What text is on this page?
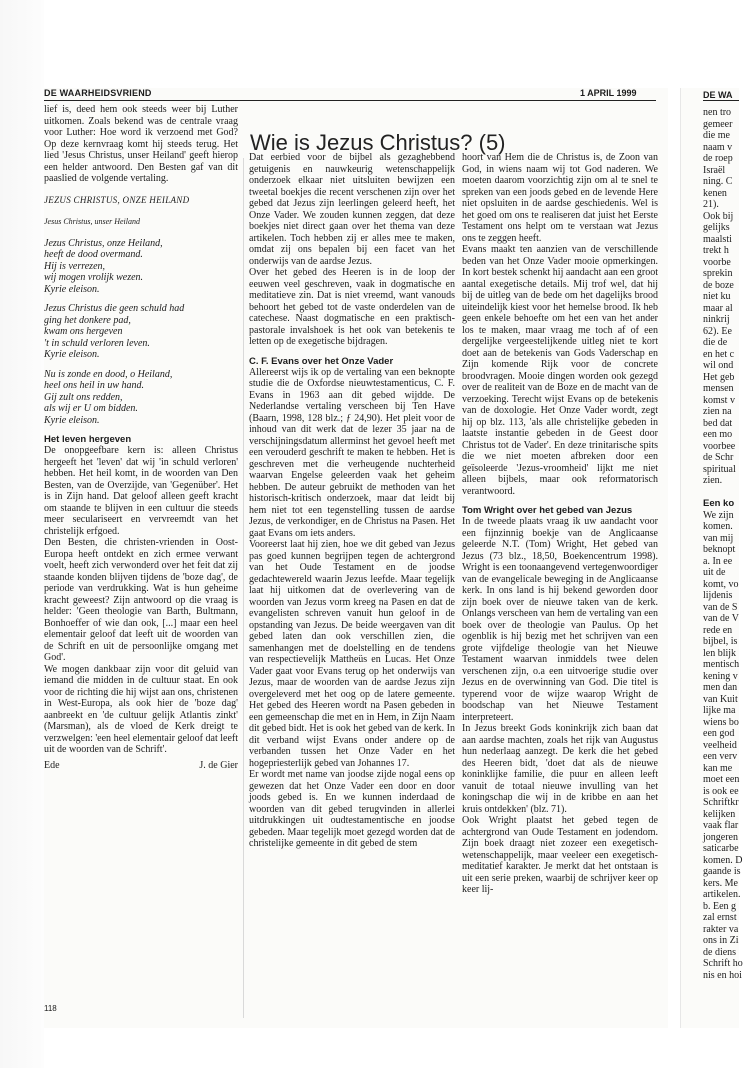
DE WAARHEIDSVRIEND	1 APRIL 1999

lief is, deed hem ook steeds weer bij Luther uitkomen. Zoals bekend was de centrale vraag voor Luther: Hoe word ik verzoend met God? Op deze kernvraag komt hij steeds terug. Het lied 'Jesus Christus, unser Heiland' geeft hierop een helder antwoord. Den Besten gaf van dit paaslied de volgende vertaling.

JEZUS CHRISTUS, ONZE HEILAND
Jesus Christus, unser Heiland
Jezus Christus, onze Heiland,
heeft de dood overmand.
Hij is verrezen,
wij mogen vrolijk wezen.
Kyrie eleison.
Jezus Christus die geen schuld had
ging het donkere pad,
kwam ons hergeven
't in schuld verloren leven.
Kyrie eleison.
Nu is zonde en dood, o Heiland,
heel ons heil in uw hand.
Gij zult ons redden,
als wij er U om bidden.
Kyrie eleison.
Het leven hergeven

De onopgeefbare kern is: alleen Christus hergeeft het 'leven' dat wij 'in schuld verloren' hebben. Het heil komt, in de woorden van Den Besten, van de Overzijde, van 'Gegenüber'. Het is in Zijn hand. Dat geloof alleen geeft kracht om staande te blijven in een cultuur die steeds meer seculariseert en vervreemdt van het christelijk erfgoed.

Den Besten, die christen-vrienden in Oost-Europa heeft ontdekt en zich ermee verwant voelt, heeft zich verwonderd over het feit dat zij staande konden blijven tijdens de 'boze dag', de periode van verdrukking. Wat is hun geheime kracht geweest? Zijn antwoord op die vraag is helder: 'Geen theologie van Barth, Bultmann, Bonhoeffer of wie dan ook, [...] maar een heel elementair geloof dat leeft uit de woorden van de Schrift en uit de persoonlijke omgang met God'.

We mogen dankbaar zijn voor dit geluid van iemand die midden in de cultuur staat. En ook voor de richting die hij wijst aan ons, christenen in West-Europa, als ook hier de 'boze dag' aanbreekt en 'de cultuur gelijk Atlantis zinkt' (Marsman), als de vloed de Kerk dreigt te verzwelgen: 'een heel elementair geloof dat leeft uit de woorden van de Schrift'.

Ede	J. de Gier
Wie is Jezus Christus? (5)

Dat eerbied voor de bijbel als gezaghebbend getuigenis en nauwkeurig wetenschappelijk onderzoek elkaar niet uitsluiten bewijzen een tweetal boekjes die recent verschenen zijn over het gebed dat Jezus zijn leerlingen geleerd heeft, het Onze Vader. We zouden kunnen zeggen, dat deze boekjes niet direct gaan over het thema van deze artikelen. Toch hebben zij er alles mee te maken, omdat zij ons bepalen bij een facet van het onderwijs van de aardse Jezus.

Over het gebed des Heeren is in de loop der eeuwen veel geschreven, vaak in dogmatische en meditatieve zin. Dat is niet vreemd, want vanouds behoort het gebed tot de vaste onderdelen van de catechese. Naast dogmatische en een praktisch-pastorale invalshoek is het ook van betekenis te letten op de exegetische bijdragen.

C. F. Evans over het Onze Vader

Allereerst wijs ik op de vertaling van een beknopte studie die de Oxfordse nieuwtestamenticus, C. F. Evans in 1963 aan dit gebed wijdde. De Nederlandse vertaling verscheen bij Ten Have (Baarn, 1998, 128 blz.; ƒ 24,90). Het pleit voor de inhoud van dit werk dat de lezer 35 jaar na de verschijningsdatum allerminst het gevoel heeft met een verouderd geschrift te maken te hebben. Het is geschreven met die verheugende nuchterheid waarvan Engelse geleerden vaak het geheim hebben. De auteur gebruikt de methoden van het historisch-kritisch onderzoek, maar dat leidt bij hem niet tot een tegenstelling tussen de aardse Jezus, de verkondiger, en de Christus na Pasen. Het gaat Evans om iets anders.

Vooreerst laat hij zien, hoe we dit gebed van Jezus pas goed kunnen begrijpen tegen de achtergrond van het Oude Testament en de joodse gedachtewereld waarin Jezus leefde. Maar tegelijk laat hij uitkomen dat de overlevering van de woorden van Jezus vorm kreeg na Pasen en dat de evangelisten schreven vanuit hun geloof in de opstanding van Jezus. De beide weergaven van dit gebed laten dan ook verschillen zien, die samenhangen met de doelstelling en de tendens van respectievelijk Mattheüs en Lucas. Het Onze Vader gaat voor Evans terug op het onderwijs van Jezus, maar de woorden van de aardse Jezus zijn overgeleverd met het oog op de latere gemeente. Het gebed des Heeren wordt na Pasen gebeden in een gemeenschap die met en in Hem, in Zijn Naam dit gebed bidt. Het is ook het gebed van de kerk. In dit verband wijst Evans onder andere op de verbanden tussen het Onze Vader en het hogepriesterlijk gebed van Johannes 17.

Er wordt met name van joodse zijde nogal eens op gewezen dat het Onze Vader een door en door joods gebed is. En we kunnen inderdaad de woorden van dit gebed terugvinden in allerlei uitdrukkingen uit oudtestamentische en joodse gebeden. Maar tegelijk moet gezegd worden dat de christelijke gemeente in dit gebed de stem

hoort van Hem die de Christus is, de Zoon van God, in wiens naam wij tot God naderen. We moeten daarom voorzichtig zijn om al te snel te spreken van een joods gebed en de levende Here niet opsluiten in de aardse geschiedenis. Wel is het goed om ons te realiseren dat juist het Eerste Testament ons helpt om te verstaan wat Jezus ons te zeggen heeft.

Evans maakt ten aanzien van de verschillende beden van het Onze Vader mooie opmerkingen. In kort bestek schenkt hij aandacht aan een groot aantal exegetische details. Mij trof wel, dat hij bij de uitleg van de bede om het dagelijks brood uiteindelijk kiest voor het hemelse brood. Ik heb geen enkele behoefte om het een van het ander los te maken, maar vraag me toch af of een dergelijke vergeestelijkende uitleg niet te kort doet aan de betekenis van Gods Vaderschap en Zijn komende Rijk voor de concrete broodvragen. Mooie dingen worden ook gezegd over de realiteit van de Boze en de macht van de verzoeking. Terecht wijst Evans op de betekenis van de doxologie. Het Onze Vader wordt, zegt hij op blz. 113, 'als alle christelijke gebeden in laatste instantie gebeden in de Geest door Christus tot de Vader'. En deze trinitarische spits die we niet moeten afbreken door een geïsoleerde 'Jezus-vroomheid' lijkt me niet alleen bijbels, maar ook reformatorisch verantwoord.

Tom Wright over het gebed van Jezus

In de tweede plaats vraag ik uw aandacht voor een fijnzinnig boekje van de Anglicaanse geleerde N.T. (Tom) Wright, Het gebed van Jezus (73 blz., 18,50, Boekencentrum 1998). Wright is een toonaangevend vertegenwoordiger van de evangelicale beweging in de Anglicaanse kerk. In ons land is hij bekend geworden door zijn boek over de nieuwe taken van de kerk. Onlangs verscheen van hem de vertaling van een boek over de theologie van Paulus. Op het ogenblik is hij bezig met het schrijven van een grote vijfdelige theologie van het Nieuwe Testament waarvan inmiddels twee delen verschenen zijn, o.a een uitvoerige studie over Jezus en de overwinning van God. Die titel is typerend voor de wijze waarop Wright de boodschap van het Nieuwe Testament interpreteert.

In Jezus breekt Gods koninkrijk zich baan dat aan aardse machten, zoals het rijk van Augustus hun nederlaag aanzegt. De kerk die het gebed des Heeren bidt, 'doet dat als de nieuwe koninklijke familie, die puur en alleen leeft vanuit de totaal nieuwe invulling van het koningschap die wij in de kribbe en aan het kruis ontdekken' (blz. 71).

Ook Wright plaatst het gebed tegen de achtergrond van Oude Testament en jodendom. Zijn boek draagt niet zozeer een exegetisch-wetenschappelijk, maar veeleer een exegetisch-meditatief karakter. Je merkt dat het ontstaan is uit een serie preken, waarbij de schrijver keer op keer lij-

118
DE WA
nen tro
gemeer
die me
naam v
de roep
Israël
ning. C
kenen
21).
Ook bij
gelijks
maalsti
trekt h
voorbe
sprekin
de boze
niet ku
maar al
ninkrij
62). Ee
die de
en het c
wil ond
Het geb
mensen
komst v
zien na
bed dat
een mo
voorbee
de Schr
spiritual
zien.
Een ko
We zijn
komen.
van mij
beknopt
a. In ee
uit de
komt, vo
lijdenis
van de S
van de V
rede en
bijbel, is
len blijk
mentisch
kening v
men dan
van Kuit
lijke ma
wiens bo
een god
veelheid
een verv
kan me
moet een
is ook ee
Schriftkr
kelijken
vaak flar
jongeren
saticarbe
komen. D
gaande is
kers. Me
artikelen.
b. Een g
zal ernst
rakter va
ons in Zi
de diens
Schrift ho
nis en hoi
